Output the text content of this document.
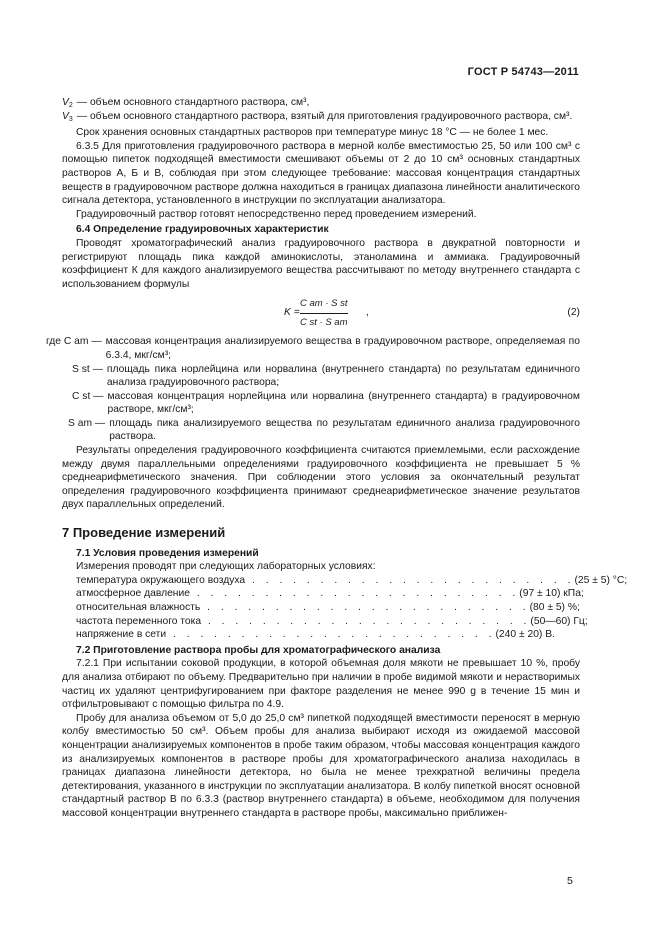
ГОСТ Р 54743—2011
$V_2$ — объем основного стандартного раствора, см³,
$V_3$ — объем основного стандартного раствора, взятый для приготовления градуировочного раствора, см³.

Срок хранения основных стандартных растворов при температуре минус 18 °С — не более 1 мес.

6.3.5 Для приготовления градуировочного раствора в мерной колбе вместимостью 25, 50 или 100 см³ с помощью пипеток подходящей вместимости смешивают объемы от 2 до 10 см³ основных стандартных растворов А, Б и В, соблюдая при этом следующее требование: массовая концентрация стандартных веществ в градуировочном растворе должна находиться в границах диапазона линейности аналитического сигнала детектора, установленного в инструкции по эксплуатации анализатора.

Градуировочный раствор готовят непосредственно перед проведением измерений.

6.4 Определение градуировочных характеристик

Проводят хроматографический анализ градуировочного раствора в двукратной повторности и регистрируют площадь пика каждой аминокислоты, этаноламина и аммиака. Градуировочный коэффициент К для каждого анализируемого вещества рассчитывают по методу внутреннего стандарта с использованием формулы

K =
C am · S st
C st · S am
,	(2)
где C am — массовая концентрация анализируемого вещества в градуировочном растворе, определяемая по 6.3.4, мкг/см³;
S st — площадь пика норлейцина или норвалина (внутреннего стандарта) по результатам единичного анализа градуировочного раствора;
C st — массовая концентрация норлейцина или норвалина (внутреннего стандарта) в градуировочном растворе, мкг/см³;
S am — площадь пика анализируемого вещества по результатам единичного анализа градуировочного раствора.

Результаты определения градуировочного коэффициента считаются приемлемыми, если расхождение между двумя параллельными определениями градуировочного коэффициента не превышает 5 % среднеарифметического значения. При соблюдении этого условия за окончательный результат определения градуировочного коэффициента принимают среднеарифметическое значение результатов двух параллельных определений.

7 Проведение измерений

7.1 Условия проведения измерений

Измерения проводят при следующих лабораторных условиях:

температура окружающего воздуха . . . . . . . . . . . . . . . . . . . . . . . . (25 ± 5) °С;
атмосферное давление . . . . . . . . . . . . . . . . . . . . . . . . (97 ± 10) кПа;
относительная влажность . . . . . . . . . . . . . . . . . . . . . . . . (80 ± 5) %;
частота переменного тока . . . . . . . . . . . . . . . . . . . . . . . . (50—60) Гц;
напряжение в сети . . . . . . . . . . . . . . . . . . . . . . . . (240 ± 20) В.

7.2 Приготовление раствора пробы для хроматографического анализа

7.2.1 При испытании соковой продукции, в которой объемная доля мякоти не превышает 10 %, пробу для анализа отбирают по объему. Предварительно при наличии в пробе видимой мякоти и нерастворимых частиц их удаляют центрифугированием при факторе разделения не менее 990 g в течение 15 мин и отфильтровывают с помощью фильтра по 4.9.

Пробу для анализа объемом от 5,0 до 25,0 см³ пипеткой подходящей вместимости переносят в мерную колбу вместимостью 50 см³. Объем пробы для анализа выбирают исходя из ожидаемой массовой концентрации анализируемых компонентов в пробе таким образом, чтобы массовая концентрация каждого из анализируемых компонентов в растворе пробы для хроматографического анализа находилась в границах диапазона линейности детектора, но была не менее трехкратной величины предела детектирования, указанного в инструкции по эксплуатации анализатора. В колбу пипеткой вносят основной стандартный раствор В по 6.3.3 (раствор внутреннего стандарта) в объеме, необходимом для получения массовой концентрации внутреннего стандарта в растворе пробы, максимально приближен-

5
